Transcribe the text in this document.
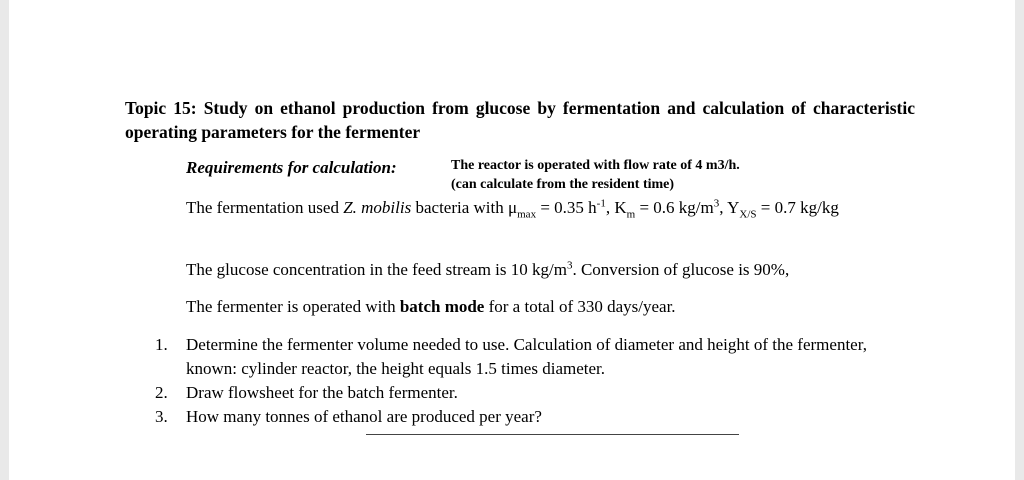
Topic 15: Study on ethanol production from glucose by fermentation and calculation of characteristic operating parameters for the fermenter
Requirements for calculation:	The reactor is operated with flow rate of 4 m3/h.
(can calculate from the resident time)
The fermentation used Z. mobilis bacteria with $\mu_{max} = 0.35$ $h^{-1}$, $K_m = 0.6$ $kg/m^3$, $Y_{X/S} = 0.7$ kg/kg
The glucose concentration in the feed stream is 10 $kg/m^3$. Conversion of glucose is 90%,
The fermenter is operated with batch mode for a total of 330 days/year.
1.	Determine the fermenter volume needed to use. Calculation of diameter and height of the fermenter, known: cylinder reactor, the height equals 1.5 times diameter.
2.	Draw flowsheet for the batch fermenter.
3.	How many tonnes of ethanol are produced per year?
